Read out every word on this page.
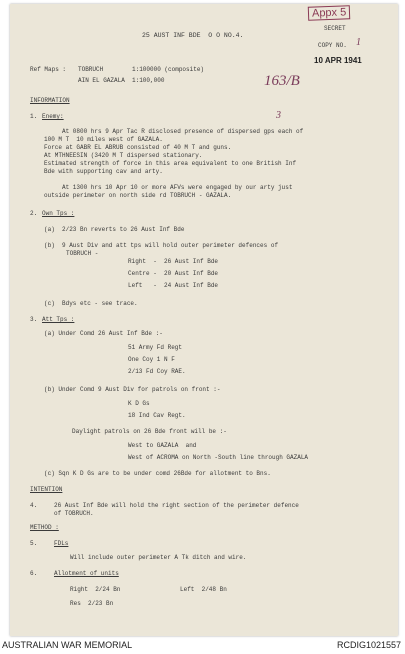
Appx 5
25 AUST INF BDE  O O NO.4.
SECRET
COPY NO. 1
10 APR 1941
163/B
3
Ref Maps : TOBRUCH        1:100000 (composite)
AIN EL GAZALA  1:100,000
INFORMATION
1. Enemy:
At 0800 hrs 9 Apr Tac R disclosed presence of dispersed gps each of
100 M T  10 miles west of GAZALA.
Force at GABR EL ABRUB consisted of 40 M T and guns.
At MTHNEESIN (3420 M T dispersed stationary.
Estimated strength of force in this area equivalent to one British Inf
Bde with supporting cav and arty.
At 1300 hrs 10 Apr 10 or more AFVs were engaged by our arty just
outside perimeter on north side rd TOBRUCH - GAZALA.
2. Own Tps :
(a)  2/23 Bn reverts to 26 Aust Inf Bde
(b)  9 Aust Div and att tps will hold outer perimeter defences of
TOBRUCH -
Right  -  26 Aust Inf Bde
Centre -  20 Aust Inf Bde
Left   -  24 Aust Inf Bde
(c)  Bdys etc - see trace.
3. Att Tps :
(a) Under Comd 26 Aust Inf Bde :-
51 Army Fd Regt
One Coy 1 N F
2/13 Fd Coy RAE.
(b) Under Comd 9 Aust Div for patrols on front :-
K D Gs
18 Ind Cav Regt.
Daylight patrols on 26 Bde front will be :-
West to GAZALA  and
West of ACROMA on North -South line through GAZALA
(c) Sqn K D Gs are to be under comd 26Bde for allotment to Bns.
INTENTION
4.	26 Aust Inf Bde will hold the right section of the perimeter defence
of TOBRUCH.
METHOD :
5.	FDLs
Will include outer perimeter A Tk ditch and wire.
6.	Allotment of units
Right  2/24 Bn	Left  2/48 Bn
Res  2/23 Bn
AUSTRALIAN WAR MEMORIAL	RCDIG1021557
